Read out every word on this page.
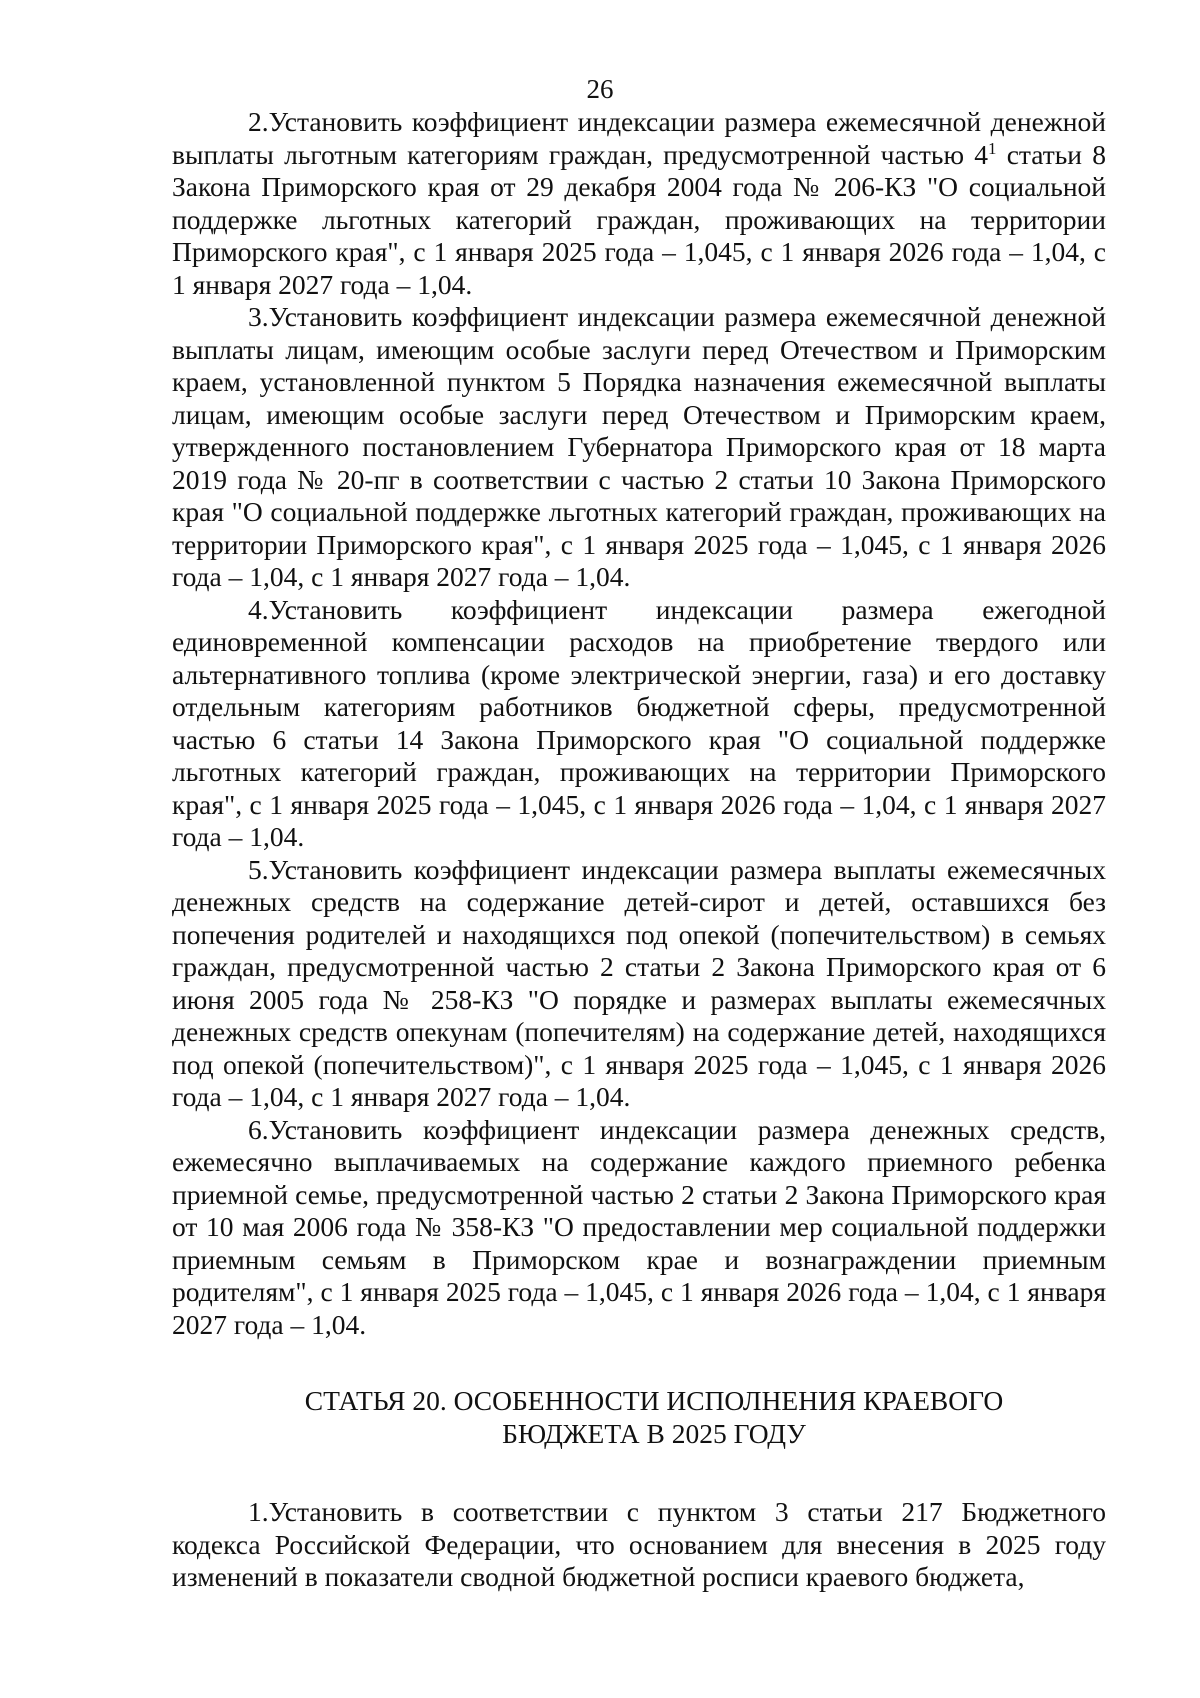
26

2.Установить коэффициент индексации размера ежемесячной денежной выплаты льготным категориям граждан, предусмотренной частью $4^1$ статьи 8 Закона Приморского края от 29 декабря 2004 года № 206-КЗ "О социальной поддержке льготных категорий граждан, проживающих на территории Приморского края", с 1 января 2025 года – 1,045, с 1 января 2026 года – 1,04, с 1 января 2027 года – 1,04.

3.Установить коэффициент индексации размера ежемесячной денежной выплаты лицам, имеющим особые заслуги перед Отечеством и Приморским краем, установленной пунктом 5 Порядка назначения ежемесячной выплаты лицам, имеющим особые заслуги перед Отечеством и Приморским краем, утвержденного постановлением Губернатора Приморского края от 18 марта 2019 года № 20-пг в соответствии с частью 2 статьи 10 Закона Приморского края "О социальной поддержке льготных категорий граждан, проживающих на территории Приморского края", с 1 января 2025 года – 1,045, с 1 января 2026 года – 1,04, с 1 января 2027 года – 1,04.

4.Установить коэффициент индексации размера ежегодной единовременной компенсации расходов на приобретение твердого или альтернативного топлива (кроме электрической энергии, газа) и его доставку отдельным категориям работников бюджетной сферы, предусмотренной частью 6 статьи 14 Закона Приморского края "О социальной поддержке льготных категорий граждан, проживающих на территории Приморского края", с 1 января 2025 года – 1,045, с 1 января 2026 года – 1,04, с 1 января 2027 года – 1,04.

5.Установить коэффициент индексации размера выплаты ежемесячных денежных средств на содержание детей-сирот и детей, оставшихся без попечения родителей и находящихся под опекой (попечительством) в семьях граждан, предусмотренной частью 2 статьи 2 Закона Приморского края от 6 июня 2005 года № 258-КЗ "О порядке и размерах выплаты ежемесячных денежных средств опекунам (попечителям) на содержание детей, находящихся под опекой (попечительством)", с 1 января 2025 года – 1,045, с 1 января 2026 года – 1,04, с 1 января 2027 года – 1,04.

6.Установить коэффициент индексации размера денежных средств, ежемесячно выплачиваемых на содержание каждого приемного ребенка приемной семье, предусмотренной частью 2 статьи 2 Закона Приморского края от 10 мая 2006 года № 358-КЗ "О предоставлении мер социальной поддержки приемным семьям в Приморском крае и вознаграждении приемным родителям", с 1 января 2025 года – 1,045, с 1 января 2026 года – 1,04, с 1 января 2027 года – 1,04.

СТАТЬЯ 20. ОСОБЕННОСТИ ИСПОЛНЕНИЯ КРАЕВОГО
БЮДЖЕТА В 2025 ГОДУ

1.Установить в соответствии с пунктом 3 статьи 217 Бюджетного кодекса Российской Федерации, что основанием для внесения в 2025 году изменений в показатели сводной бюджетной росписи краевого бюджета,
